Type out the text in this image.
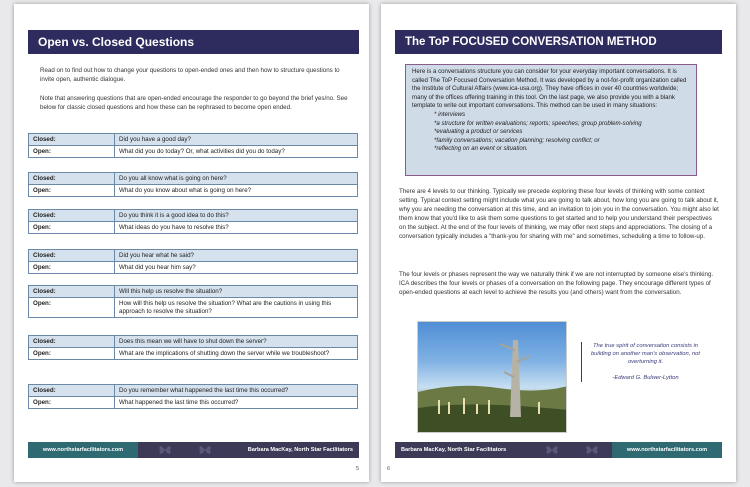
Open vs. Closed Questions
Read on to find out how to change your questions to open-ended ones and then how to structure questions to invite open, authentic dialogue.
Note that answering questions that are open-ended encourage the responder to go beyond the brief yes/no. See below for classic closed questions and how these can be rephrased to become open ended.
Closed:	Did you have a good day?
Open:	What did you do today? Or, what activities did you do today?
Closed:	Do you all know what is going on here?
Open:	What do you know about what is going on here?
Closed:	Do you think it is a good idea to do this?
Open:	What ideas do you have to resolve this?
Closed:	Did you hear what he said?
Open:	What did you hear him say?
Closed:	Will this help us resolve the situation?
Open:	How will this help us resolve the situation? What are the cautions in using this approach to resolve the situation?
Closed:	Does this mean we will have to shut down the server?
Open:	What are the implications of shutting down the server while we troubleshoot?
Closed:	Do you remember what happened the last time this occurred?
Open:	What happened the last time this occurred?
www.northstarfacilitators.com	Barbara MacKay, North Star Facilitators
5
The ToP FOCUSED CONVERSATION METHOD
Here is a conversations structure you can consider for your everyday important conversations. It is called The ToP Focused Conversation Method. It was developed by a not-for-profit organization called the Institute of Cultural Affairs (www.ica-usa.org). They have offices in over 40 countries worldwide; many of the offices offering training in this tool. On the last page, we also provide you with a blank template to write out important conversations. This method can be used in many situations:
* interviews
*a structure for written evaluations; reports; speeches; group problem-solving
*evaluating a product or services
*family conversations; vacation planning; resolving conflict; or
*reflecting on an event or situation.
There are 4 levels to our thinking. Typically we precede exploring these four levels of thinking with some context setting. Typical context setting might include what you are going to talk about, how long you are going to talk about it, why you are needing the conversation at this time, and an invitation to join you in the conversation. You might also let them know that you'd like to ask them some questions to get started and to help you understand their perspectives on the subject. At the end of the four levels of thinking, we may offer next steps and appreciations. The closing of a conversation typically includes a "thank-you for sharing with me" and sometimes, scheduling a time to follow-up.
The four levels or phases represent the way we naturally think if we are not interrupted by someone else's thinking. ICA describes the four levels or phases of a conversation on the following page. They encourage different types of open-ended questions at each level to achieve the results you (and others) want from the conversation.
The true spirit of conversation consists in building on another man's observation, not overturning it.
-Edward G. Bulwer-Lytton
Barbara MacKay, North Star Facilitators	www.northstarfacilitators.com
6
